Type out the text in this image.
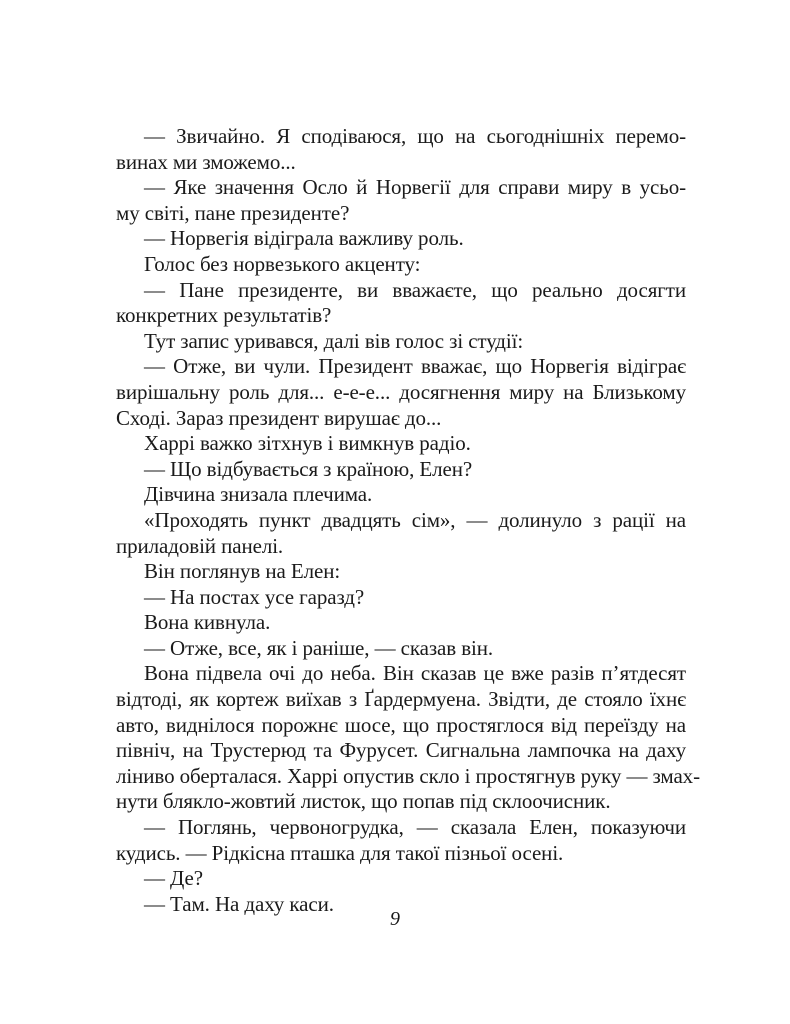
— Звичайно. Я сподіваюся, що на сьогоднішніх перемо-
винах ми зможемо...
— Яке значення Осло й Норвегії для справи миру в усьо-
му світі, пане президенте?
— Норвегія відіграла важливу роль.
Голос без норвезького акценту:
— Пане президенте, ви вважаєте, що реально досягти
конкретних результатів?
Тут запис уривався, далі вів голос зі студії:
— Отже, ви чули. Президент вважає, що Норвегія відіграє
вирішальну роль для... е-е-е... досягнення миру на Близькому
Сході. Зараз президент вирушає до...
Харрі важко зітхнув і вимкнув радіо.
— Що відбувається з країною, Елен?
Дівчина знизала плечима.
«Проходять пункт двадцять сім», — долинуло з рації на
приладовій панелі.
Він поглянув на Елен:
— На постах усе гаразд?
Вона кивнула.
— Отже, все, як і раніше, — сказав він.
Вона підвела очі до неба. Він сказав це вже разів п’ятдесят
відтоді, як кортеж виїхав з Ґардермуена. Звідти, де стояло їхнє
авто, виднілося порожнє шосе, що простяглося від переїзду на
північ, на Трустерюд та Фурусет. Сигнальна лампочка на даху
ліниво оберталася. Харрі опустив скло і простягнув руку — змах-
нути блякло-жовтий листок, що попав під склоочисник.
— Поглянь, червоногрудка, — сказала Елен, показуючи
кудись. — Рідкісна пташка для такої пізньої осені.
— Де?
— Там. На даху каси.
9
